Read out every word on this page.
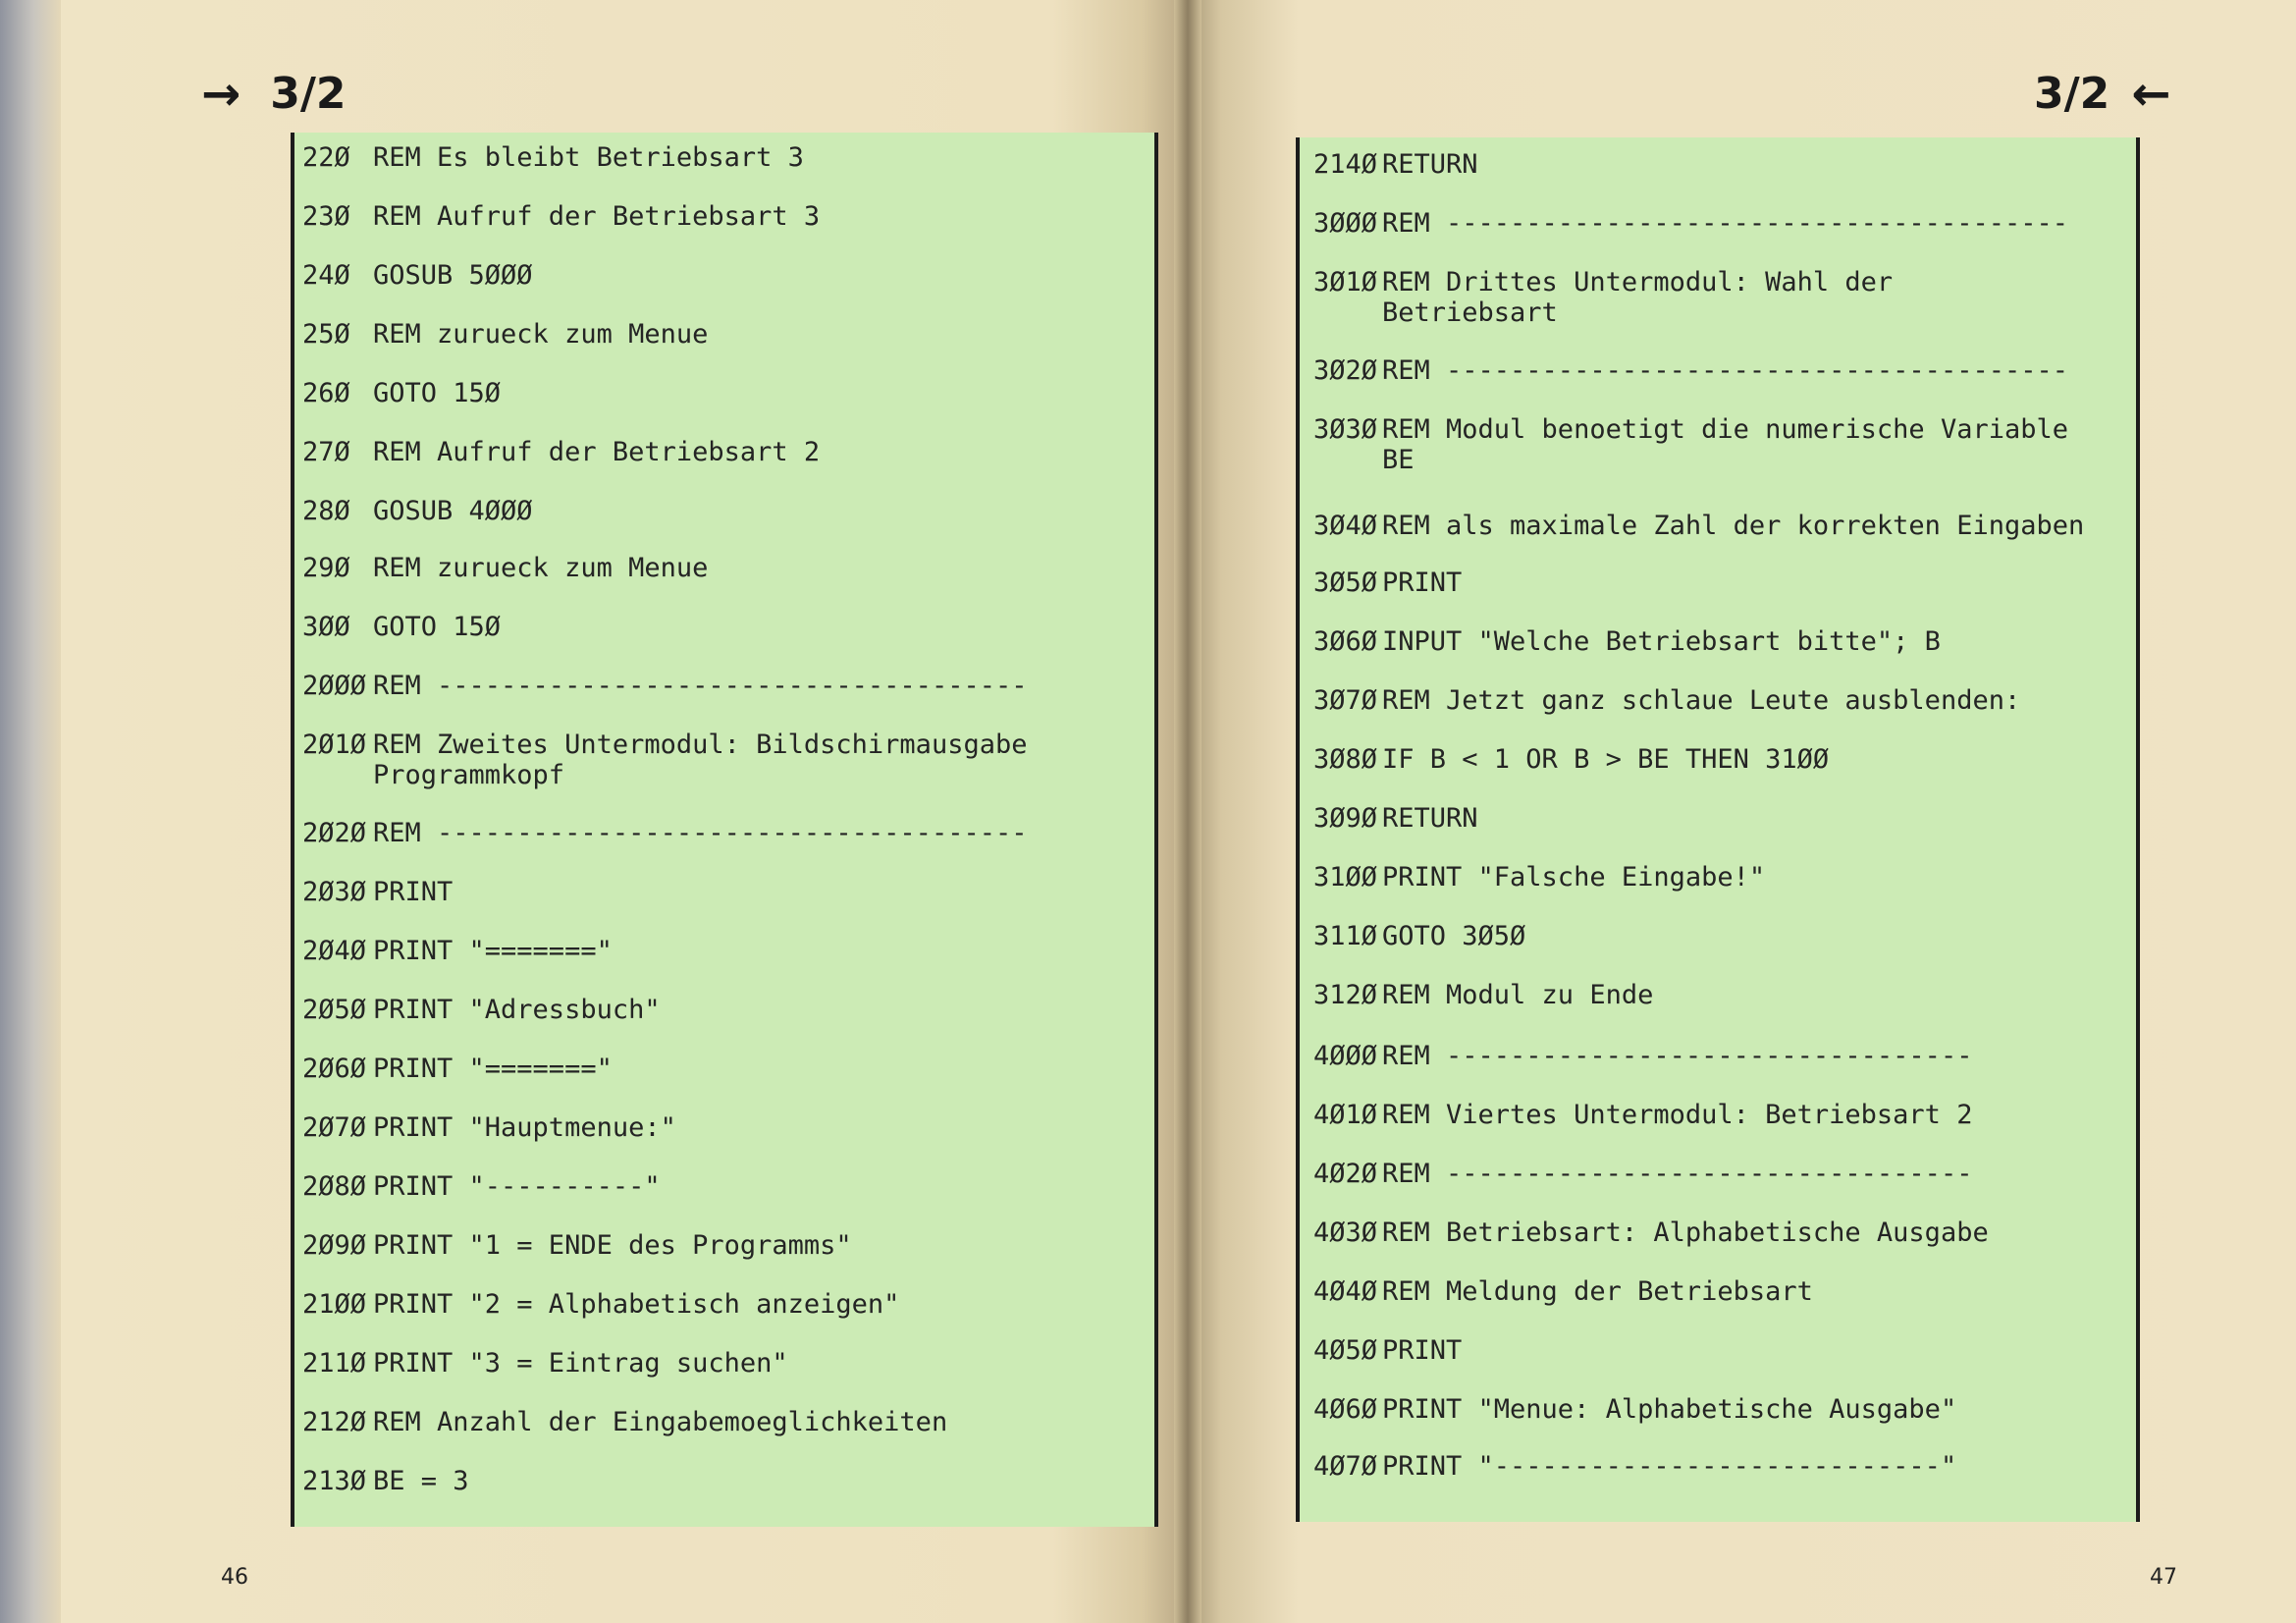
→ 3/2	3/2 ←
22Ø REM Es bleibt Betriebsart 3
23Ø REM Aufruf der Betriebsart 3
24Ø GOSUB 5ØØØ
25Ø REM zurueck zum Menue
26Ø GOTO 15Ø
27Ø REM Aufruf der Betriebsart 2
28Ø GOSUB 4ØØØ
29Ø REM zurueck zum Menue
3ØØ GOTO 15Ø
2ØØØ REM -------------------------------------
2Ø1Ø REM Zweites Untermodul: Bildschirmausgabe
Programmkopf
2Ø2Ø REM -------------------------------------
2Ø3Ø PRINT
2Ø4Ø PRINT "======="
2Ø5Ø PRINT "Adressbuch"
2Ø6Ø PRINT "======="
2Ø7Ø PRINT "Hauptmenue:"
2Ø8Ø PRINT "----------"
2Ø9Ø PRINT "1 = ENDE des Programms"
21ØØ PRINT "2 = Alphabetisch anzeigen"
211Ø PRINT "3 = Eintrag suchen"
212Ø REM Anzahl der Eingabemoeglichkeiten
213Ø BE = 3
214Ø RETURN
3ØØØ REM ---------------------------------------
3Ø1Ø REM Drittes Untermodul: Wahl der
Betriebsart
3Ø2Ø REM ---------------------------------------
3Ø3Ø REM Modul benoetigt die numerische Variable
BE
3Ø4Ø REM als maximale Zahl der korrekten Eingaben
3Ø5Ø PRINT
3Ø6Ø INPUT "Welche Betriebsart bitte"; B
3Ø7Ø REM Jetzt ganz schlaue Leute ausblenden:
3Ø8Ø IF B < 1 OR B > BE THEN 31ØØ
3Ø9Ø RETURN
31ØØ PRINT "Falsche Eingabe!"
311Ø GOTO 3Ø5Ø
312Ø REM Modul zu Ende
4ØØØ REM ---------------------------------
4Ø1Ø REM Viertes Untermodul: Betriebsart 2
4Ø2Ø REM ---------------------------------
4Ø3Ø REM Betriebsart: Alphabetische Ausgabe
4Ø4Ø REM Meldung der Betriebsart
4Ø5Ø PRINT
4Ø6Ø PRINT "Menue: Alphabetische Ausgabe"
4Ø7Ø PRINT "----------------------------"
46	47
